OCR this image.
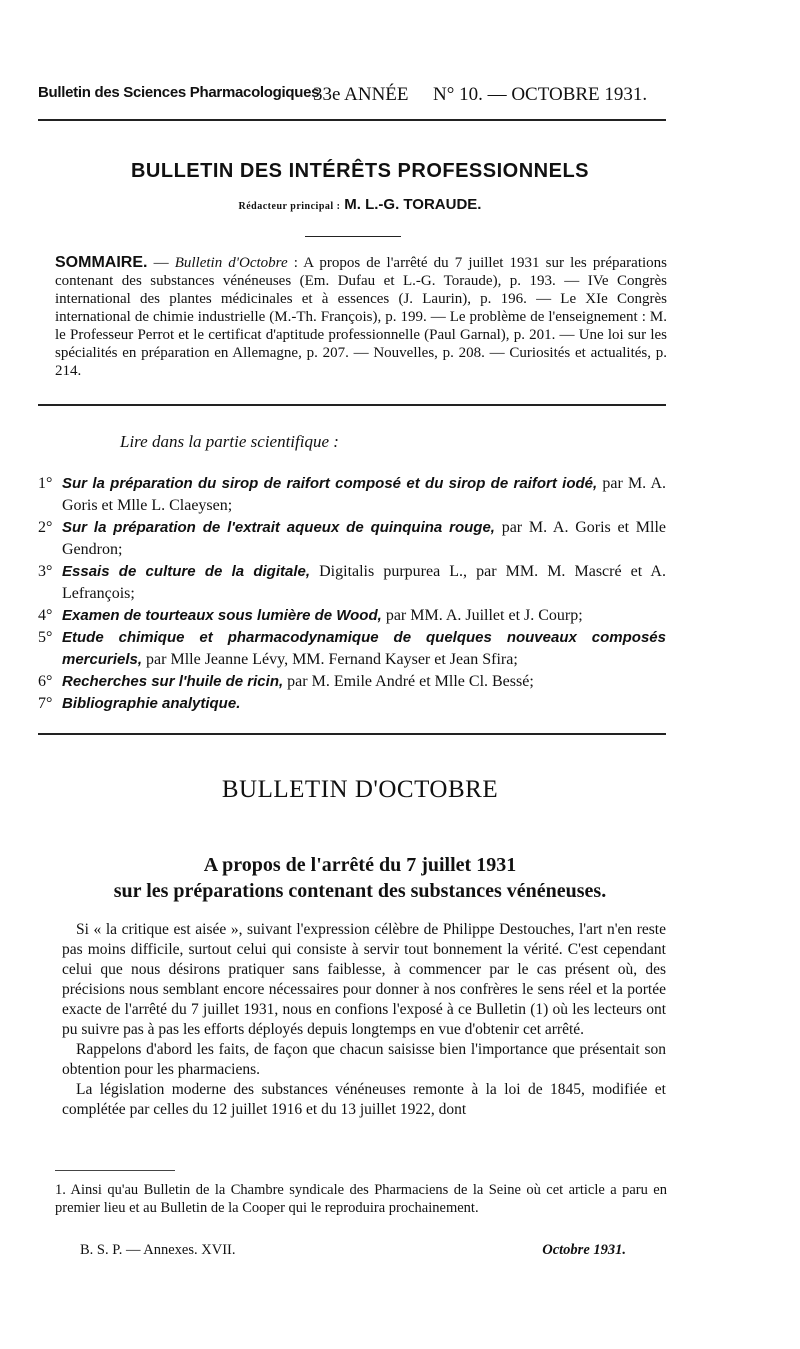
Bulletin des Sciences Pharmacologiques
33e ANNÉE N° 10. — OCTOBRE 1931.
BULLETIN DES INTÉRÊTS PROFESSIONNELS
Rédacteur principal : M. L.-G. TORAUDE.
SOMMAIRE. — Bulletin d'Octobre : A propos de l'arrêté du 7 juillet 1931 sur les préparations contenant des substances vénéneuses (Em. Dufau et L.-G. Toraude), p. 193. — IVe Congrès international des plantes médicinales et à essences (J. Laurin), p. 196. — Le XIe Congrès international de chimie industrielle (M.-Th. François), p. 199. — Le problème de l'enseignement : M. le Professeur Perrot et le certificat d'aptitude professionnelle (Paul Garnal), p. 201. — Une loi sur les spécialités en préparation en Allemagne, p. 207. — Nouvelles, p. 208. — Curiosités et actualités, p. 214.
Lire dans la partie scientifique :
1° Sur la préparation du sirop de raifort composé et du sirop de raifort iodé, par M. A. Goris et Mlle L. Claeysen;
2° Sur la préparation de l'extrait aqueux de quinquina rouge, par M. A. Goris et Mlle Gendron;
3° Essais de culture de la digitale, Digitalis purpurea L., par MM. M. Mascré et A. Lefrançois;
4° Examen de tourteaux sous lumière de Wood, par MM. A. Juillet et J. Courp;
5° Etude chimique et pharmacodynamique de quelques nouveaux composés mercuriels, par Mlle Jeanne Lévy, MM. Fernand Kayser et Jean Sfira;
6° Recherches sur l'huile de ricin, par M. Emile André et Mlle Cl. Bessé;
7° Bibliographie analytique.
BULLETIN D'OCTOBRE
A propos de l'arrêté du 7 juillet 1931
sur les préparations contenant des substances vénéneuses.

Si « la critique est aisée », suivant l'expression célèbre de Philippe Destouches, l'art n'en reste pas moins difficile, surtout celui qui consiste à servir tout bonnement la vérité. C'est cependant celui que nous désirons pratiquer sans faiblesse, à commencer par le cas présent où, des précisions nous semblant encore nécessaires pour donner à nos confrères le sens réel et la portée exacte de l'arrêté du 7 juillet 1931, nous en confions l'exposé à ce Bulletin (1) où les lecteurs ont pu suivre pas à pas les efforts déployés depuis longtemps en vue d'obtenir cet arrêté.

Rappelons d'abord les faits, de façon que chacun saisisse bien l'importance que présentait son obtention pour les pharmaciens.

La législation moderne des substances vénéneuses remonte à la loi de 1845, modifiée et complétée par celles du 12 juillet 1916 et du 13 juillet 1922, dont

1. Ainsi qu'au Bulletin de la Chambre syndicale des Pharmaciens de la Seine où cet article a paru en premier lieu et au Bulletin de la Cooper qui le reproduira prochainement.
B. S. P. — Annexes. XVII.	Octobre 1931.
